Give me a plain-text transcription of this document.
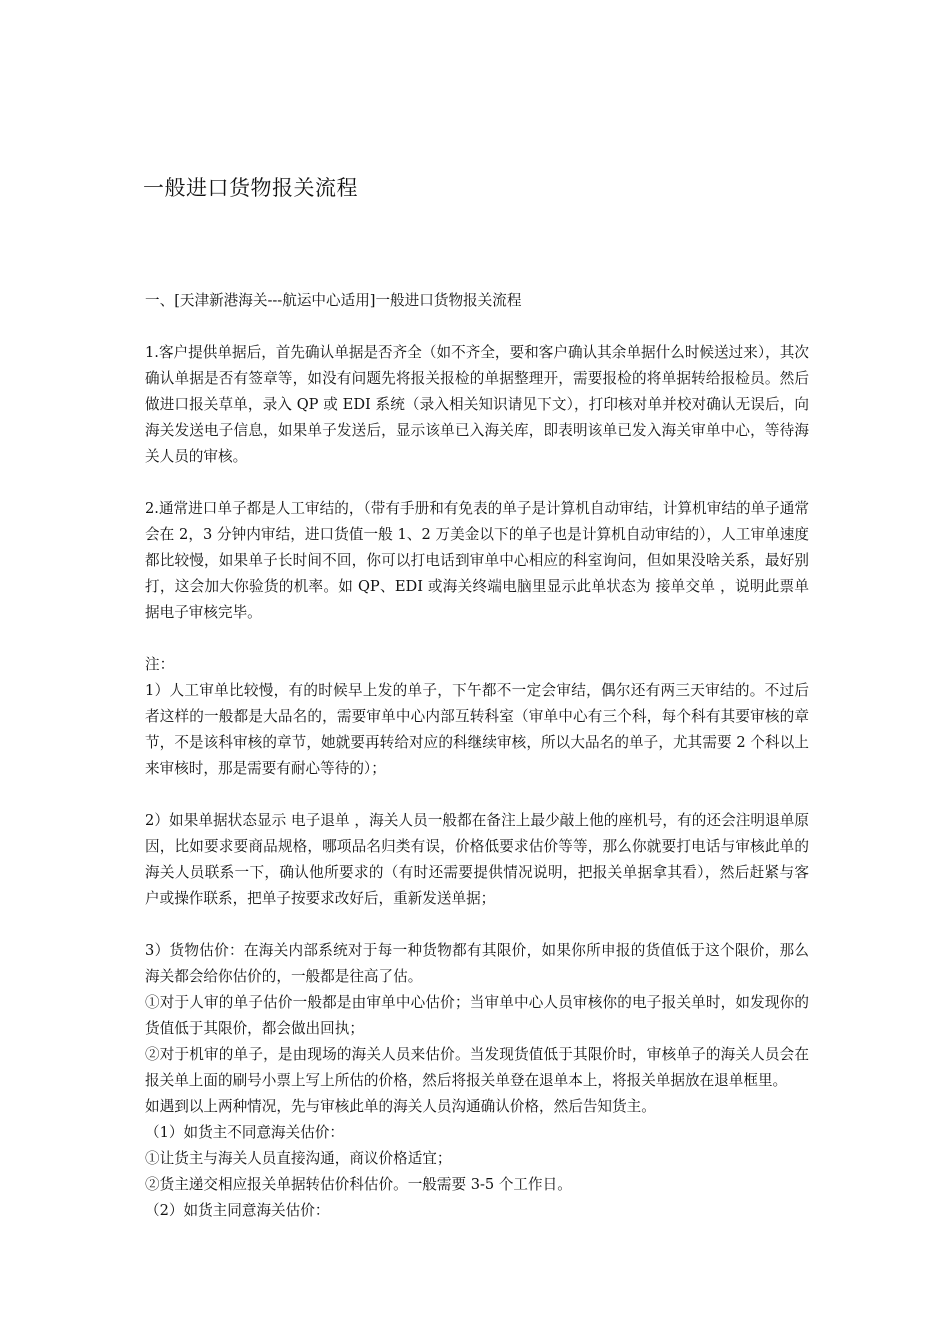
一般进口货物报关流程

一、[天津新港海关---航运中心适用]一般进口货物报关流程

1.客户提供单据后，首先确认单据是否齐全（如不齐全，要和客户确认其余单据什么时候送过来），其次确认单据是否有签章等，如没有问题先将报关报检的单据整理开，需要报检的将单据转给报检员。然后做进口报关草单，录入 QP 或 EDI 系统（录入相关知识请见下文），打印核对单并校对确认无误后，向海关发送电子信息，如果单子发送后，显示该单已入海关库，即表明该单已发入海关审单中心，等待海关人员的审核。

2.通常进口单子都是人工审结的，（带有手册和有免表的单子是计算机自动审结，计算机审结的单子通常会在 2，3 分钟内审结，进口货值一般 1、2 万美金以下的单子也是计算机自动审结的），人工审单速度都比较慢，如果单子长时间不回，你可以打电话到审单中心相应的科室询问，但如果没啥关系，最好别打，这会加大你验货的机率。如 QP、EDI 或海关终端电脑里显示此单状态为 接单交单 ，说明此票单据电子审核完毕。

注：

1）人工审单比较慢，有的时候早上发的单子，下午都不一定会审结，偶尔还有两三天审结的。不过后者这样的一般都是大品名的，需要审单中心内部互转科室（审单中心有三个科，每个科有其要审核的章节，不是该科审核的章节，她就要再转给对应的科继续审核，所以大品名的单子，尤其需要 2 个科以上来审核时，那是需要有耐心等待的）；

2）如果单据状态显示 电子退单 ，海关人员一般都在备注上最少敲上他的座机号，有的还会注明退单原因，比如要求要商品规格，哪项品名归类有误，价格低要求估价等等，那么你就要打电话与审核此单的海关人员联系一下，确认他所要求的（有时还需要提供情况说明，把报关单据拿其看），然后赶紧与客户或操作联系，把单子按要求改好后，重新发送单据；

3）货物估价：在海关内部系统对于每一种货物都有其限价，如果你所申报的货值低于这个限价，那么海关都会给你估价的，一般都是往高了估。

①对于人审的单子估价一般都是由审单中心估价；当审单中心人员审核你的电子报关单时，如发现你的货值低于其限价，都会做出回执；

②对于机审的单子，是由现场的海关人员来估价。当发现货值低于其限价时，审核单子的海关人员会在报关单上面的刷号小票上写上所估的价格，然后将报关单登在退单本上，将报关单据放在退单框里。

如遇到以上两种情况，先与审核此单的海关人员沟通确认价格，然后告知货主。

（1）如货主不同意海关估价：

①让货主与海关人员直接沟通，商议价格适宜；

②货主递交相应报关单据转估价科估价。一般需要 3-5 个工作日。

（2）如货主同意海关估价：
